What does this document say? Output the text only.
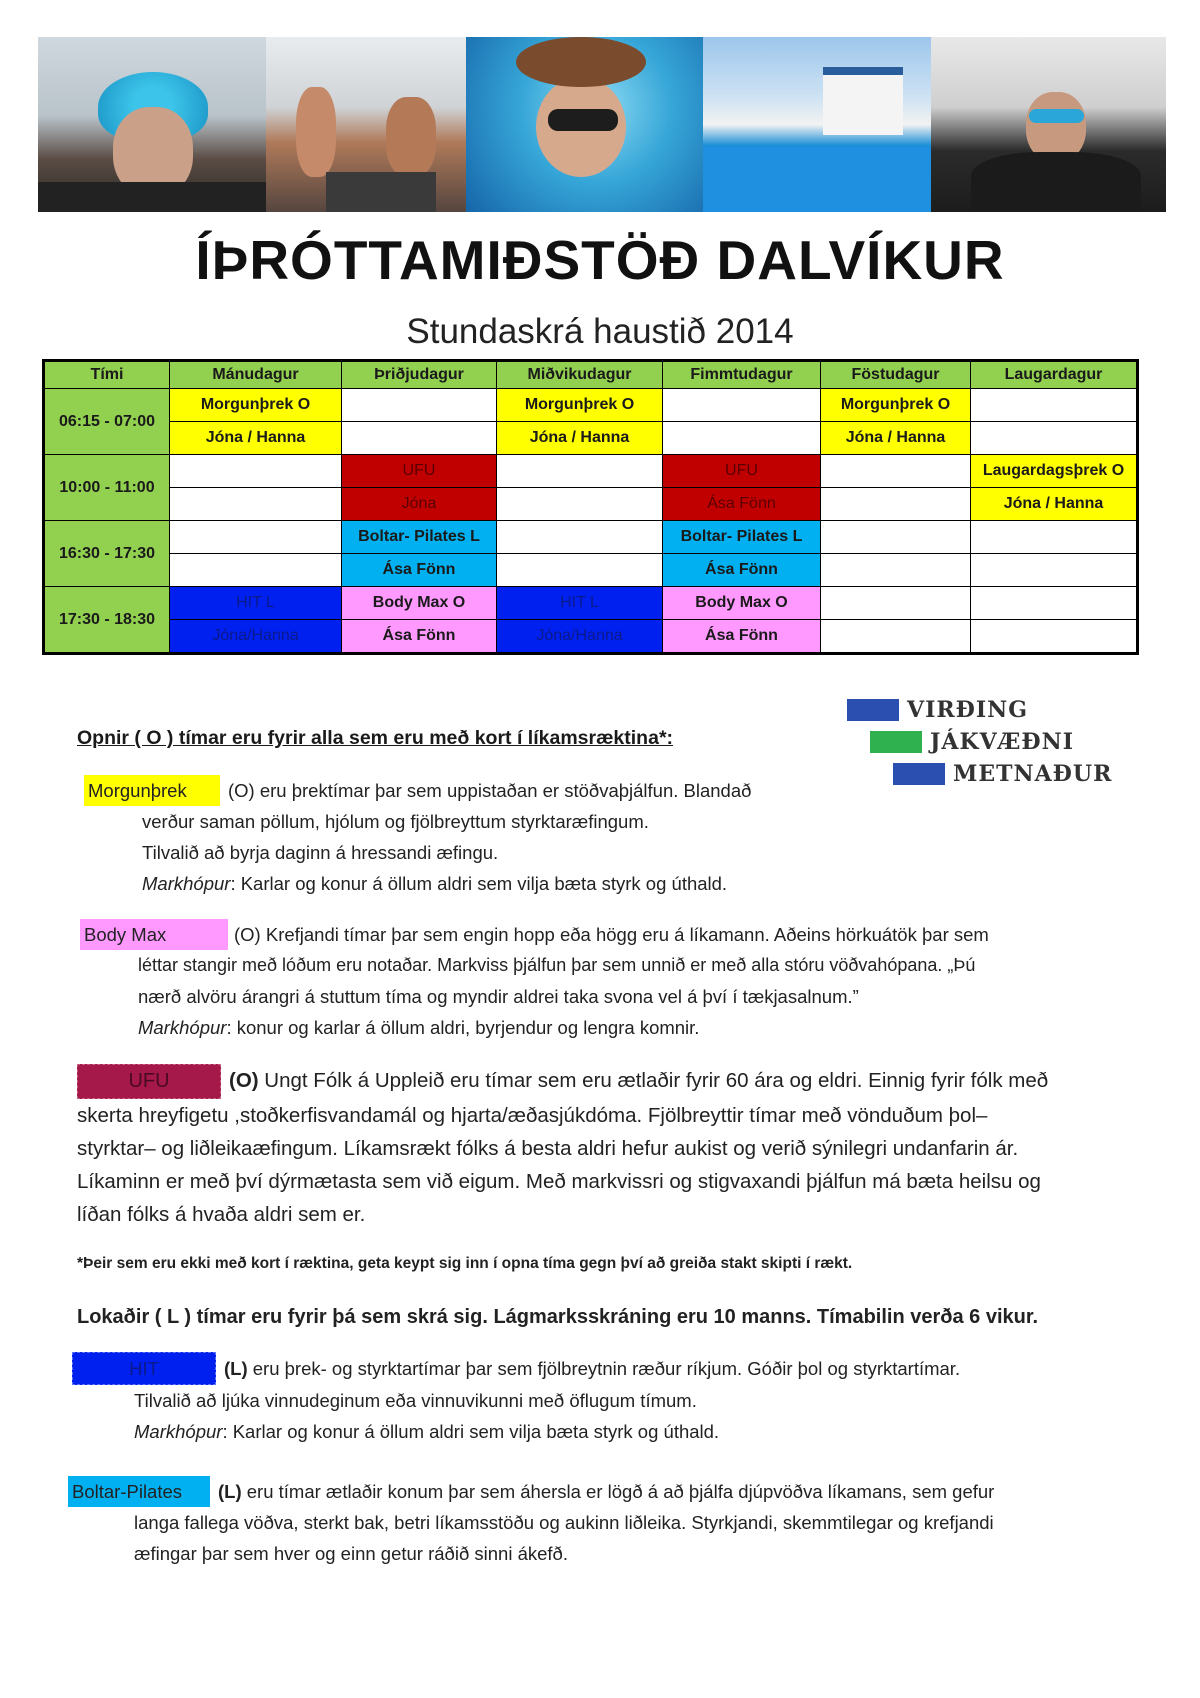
ÍÞRÓTTAMIÐSTÖÐ DALVÍKUR
Stundaskrá haustið 2014
Tími	Mánudagur	Þriðjudagur	Miðvikudagur	Fimmtudagur	Föstudagur	Laugardagur
06:15 - 07:00	Morgunþrek O		Morgunþrek O		Morgunþrek O	
	Jóna / Hanna		Jóna / Hanna		Jóna / Hanna	
10:00 - 11:00		UFU		UFU		Laugardagsþrek O
		Jóna		Ása Fönn		Jóna / Hanna
16:30 - 17:30		Boltar- Pilates L		Boltar- Pilates L		
		Ása Fönn		Ása Fönn		
17:30 - 18:30	HIT L	Body Max O	HIT L	Body Max O		
	Jóna/Hanna	Ása Fönn	Jóna/Hanna	Ása Fönn		
VIRÐING
JÁKVÆÐNI
METNAÐUR
Opnir ( O ) tímar eru fyrir alla sem eru með kort í líkamsræktina*:
Morgunþrek (O) eru þrektímar þar sem uppistaðan er stöðvaþjálfun. Blandað
verður saman pöllum, hjólum og fjölbreyttum styrktaræfingum.
Tilvalið að byrja daginn á hressandi æfingu.
Markhópur: Karlar og konur á öllum aldri sem vilja bæta styrk og úthald.
Body Max	(O) Krefjandi tímar þar sem engin hopp eða högg eru á líkamann. Aðeins hörkuátök þar sem
léttar stangir með lóðum eru notaðar. Markviss þjálfun þar sem unnið er með alla stóru vöðvahópana. „Þú
nærð alvöru árangri á stuttum tíma og myndir aldrei taka svona vel á því í tækjasalnum.”
Markhópur: konur og karlar á öllum aldri, byrjendur og lengra komnir.
UFU	(O) Ungt Fólk á Uppleið eru tímar sem eru ætlaðir fyrir 60 ára og eldri. Einnig fyrir fólk með
skerta hreyfigetu ,stoðkerfisvandamál og hjarta/æðasjúkdóma. Fjölbreyttir tímar með vönduðum þol–
styrktar– og liðleikaæfingum. Líkamsrækt fólks á besta aldri hefur aukist og verið sýnilegri undanfarin ár.
Líkaminn er með því dýrmætasta sem við eigum. Með markvissri og stigvaxandi þjálfun má bæta heilsu og
líðan fólks á hvaða aldri sem er.
*Þeir sem eru ekki með kort í ræktina, geta keypt sig inn í opna tíma gegn því að greiða stakt skipti í rækt.
Lokaðir ( L ) tímar eru fyrir þá sem skrá sig. Lágmarksskráning eru 10 manns. Tímabilin verða 6 vikur.
HIT	(L) eru þrek- og styrktartímar þar sem fjölbreytnin ræður ríkjum. Góðir þol og styrktartímar.
Tilvalið að ljúka vinnudeginum eða vinnuvikunni með öflugum tímum.
Markhópur: Karlar og konur á öllum aldri sem vilja bæta styrk og úthald.
Boltar-Pilates (L) eru tímar ætlaðir konum þar sem áhersla er lögð á að þjálfa djúpvöðva líkamans, sem gefur
langa fallega vöðva, sterkt bak, betri líkamsstöðu og aukinn liðleika. Styrkjandi, skemmtilegar og krefjandi
æfingar þar sem hver og einn getur ráðið sinni ákefð.
